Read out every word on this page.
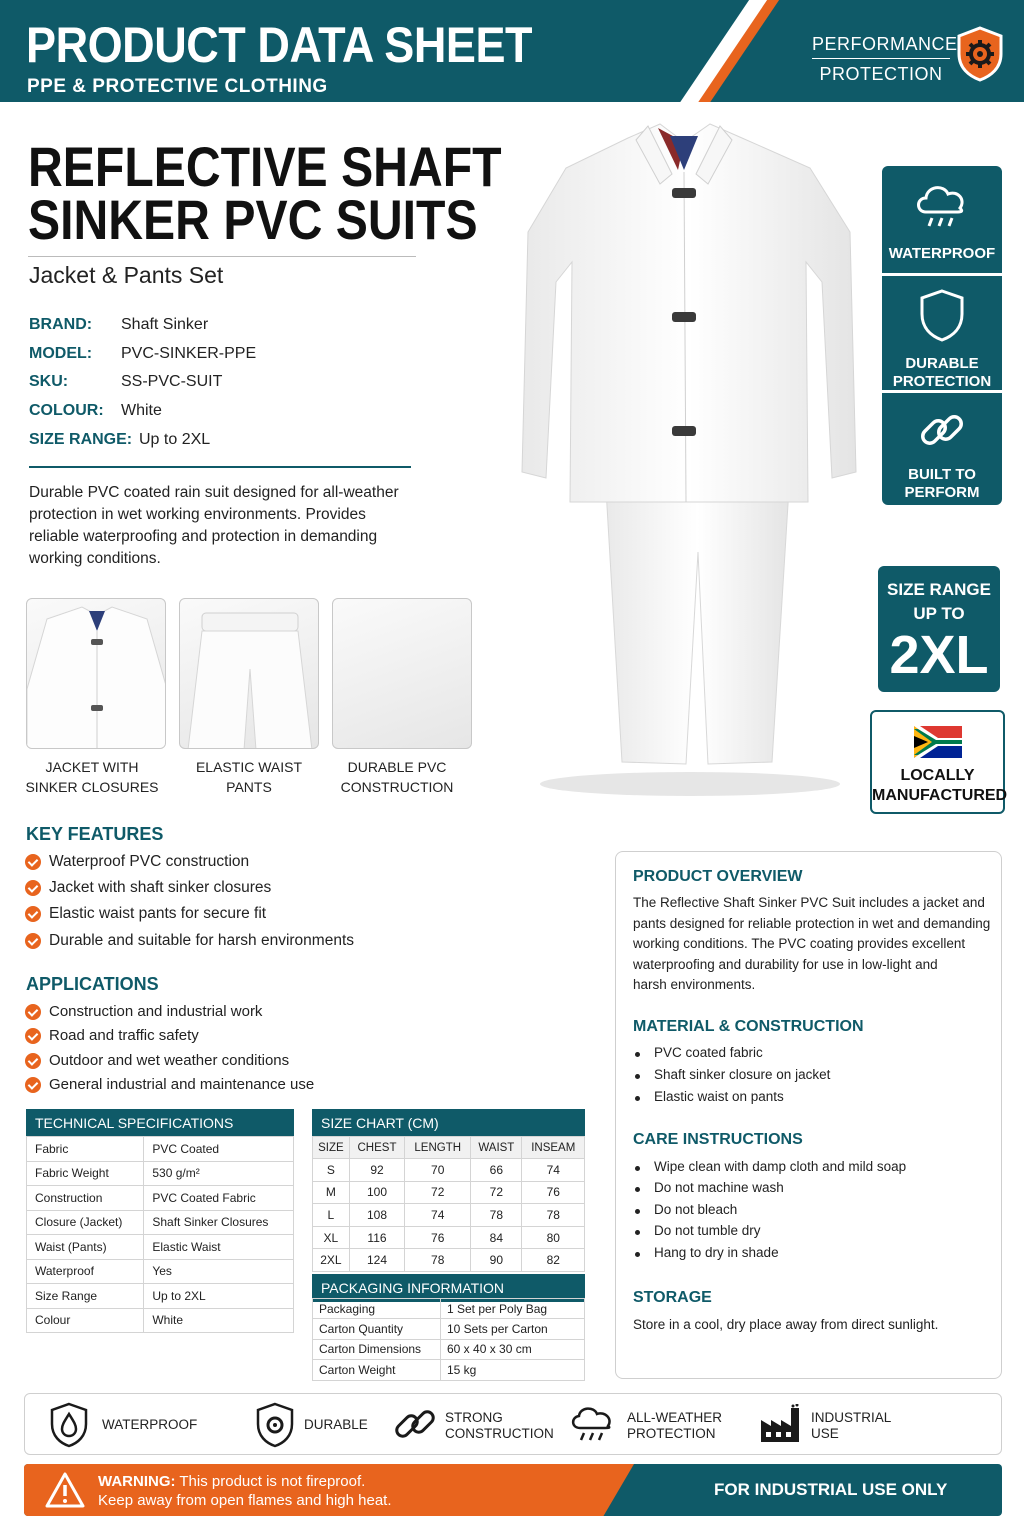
PRODUCT DATA SHEET
PPE & PROTECTIVE CLOTHING
PERFORMANCE
PROTECTION
REFLECTIVE SHAFT
SINKER PVC SUITS
Jacket & Pants Set
BRAND: Shaft Sinker
MODEL: PVC-SINKER-PPE
SKU:	SS-PVC-SUIT
COLOUR: White
SIZE RANGE: Up to 2XL
Durable PVC coated rain suit designed for all-weather protection in wet working environments. Provides reliable waterproofing and protection in demanding working conditions.
JACKET WITH
SINKER CLOSURES
ELASTIC WAIST
PANTS
DURABLE PVC
CONSTRUCTION
WATERPROOF
DURABLE
PROTECTION
BUILT TO
PERFORM
SIZE RANGE
UP TO
2XL
LOCALLY
MANUFACTURED
KEY FEATURES
Waterproof PVC construction
Jacket with shaft sinker closures
Elastic waist pants for secure fit
Durable and suitable for harsh environments
APPLICATIONS
Construction and industrial work
Road and traffic safety
Outdoor and wet weather conditions
General industrial and maintenance use
TECHNICAL SPECIFICATIONS
Fabric	PVC Coated
Fabric Weight	530 g/m²
Construction	PVC Coated Fabric
Closure (Jacket)	Shaft Sinker Closures
Waist (Pants)	Elastic Waist
Waterproof	Yes
Size Range	Up to 2XL
Colour	White
SIZE CHART (CM)
SIZE	CHEST	LENGTH	WAIST	INSEAM
S	92	70	66	74
M	100	72	72	76
L	108	74	78	78
XL	116	76	84	80
2XL	124	78	90	82
PACKAGING INFORMATION
Packaging	1 Set per Poly Bag
Carton Quantity	10 Sets per Carton
Carton Dimensions	60 x 40 x 30 cm
Carton Weight	15 kg
PRODUCT OVERVIEW
The Reflective Shaft Sinker PVC Suit includes a jacket and
pants designed for reliable protection in wet and demanding
working conditions. The PVC coating provides excellent
waterproofing and durability for use in low-light and
harsh environments.
MATERIAL & CONSTRUCTION
PVC coated fabric
Shaft sinker closure on jacket
Elastic waist on pants
CARE INSTRUCTIONS
Wipe clean with damp cloth and mild soap
Do not machine wash
Do not bleach
Do not tumble dry
Hang to dry in shade
STORAGE
Store in a cool, dry place away from direct sunlight.
WATERPROOF	DURABLE	STRONG
CONSTRUCTION
ALL-WEATHER
PROTECTION
INDUSTRIAL
USE
WARNING: This product is not fireproof.
Keep away from open flames and high heat.
FOR INDUSTRIAL USE ONLY
